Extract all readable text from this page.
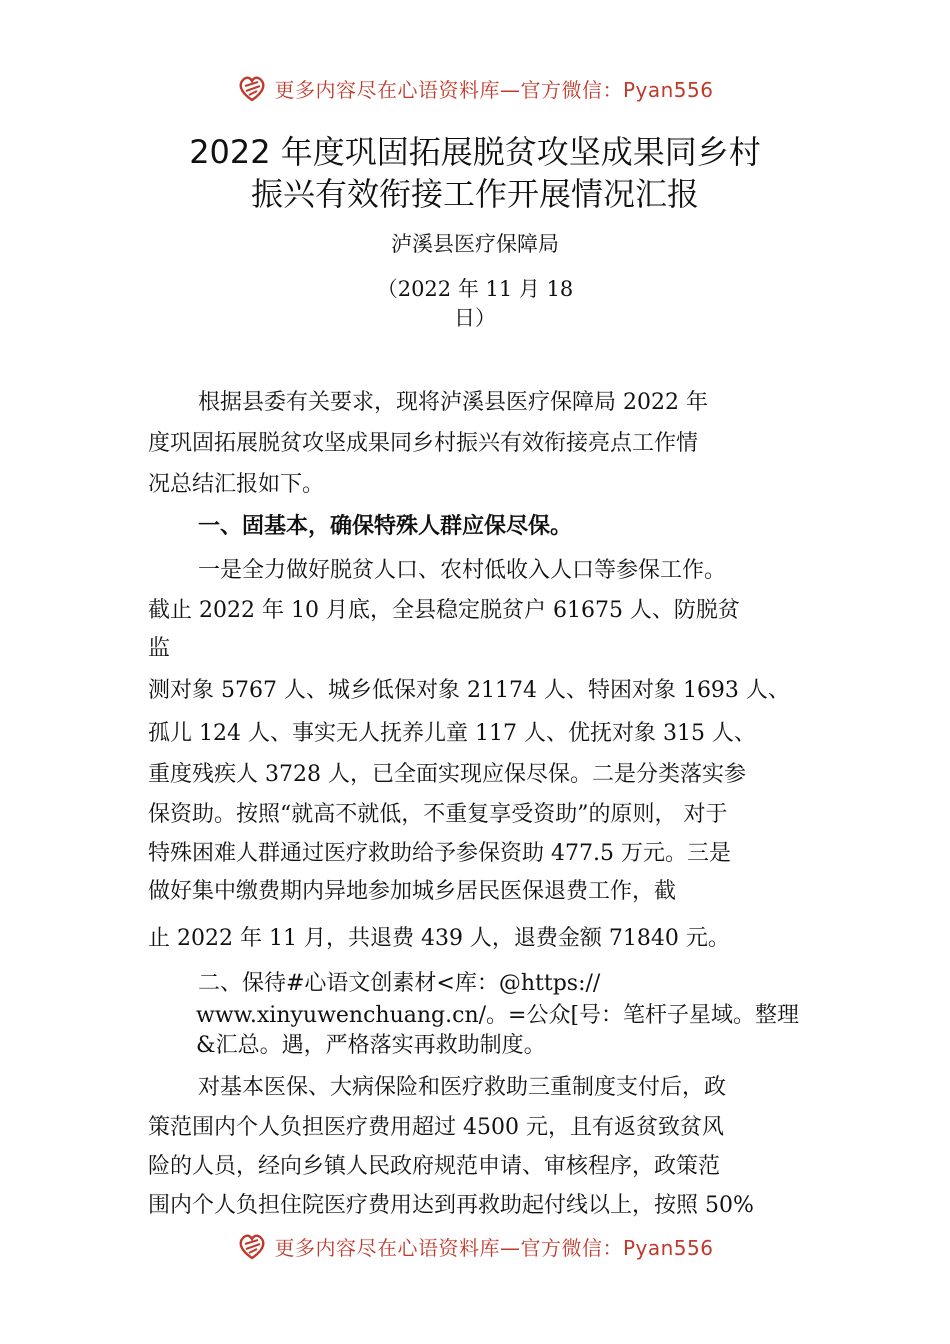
更多内容尽在心语资料库—官方微信：Pyan556
2022 年度巩固拓展脱贫攻坚成果同乡村
振兴有效衔接工作开展情况汇报
泸溪县医疗保障局
（2022 年 11 月 18
日）
根据县委有关要求，现将泸溪县医疗保障局 2022 年
度巩固拓展脱贫攻坚成果同乡村振兴有效衔接亮点工作情
况总结汇报如下。
一、固基本，确保特殊人群应保尽保。
一是全力做好脱贫人口、农村低收入人口等参保工作。
截止 2022 年 10 月底，全县稳定脱贫户 61675 人、防脱贫
监
测对象 5767 人、城乡低保对象 21174 人、特困对象 1693 人、
孤儿 124 人、事实无人抚养儿童 117 人、优抚对象 315 人、
重度残疾人 3728 人，已全面实现应保尽保。二是分类落实参
保资助。按照“就高不就低，不重复享受资助”的原则， 对于
特殊困难人群通过医疗救助给予参保资助 477.5 万元。三是
做好集中缴费期内异地参加城乡居民医保退费工作，截
止 2022 年 11 月，共退费 439 人，退费金额 71840 元。
二、保待#心语文创素材<库：@https://
www.xinyuwenchuang.cn/。=公众[号：笔杆子星域。整理
&汇总。遇，严格落实再救助制度。
对基本医保、大病保险和医疗救助三重制度支付后，政
策范围内个人负担医疗费用超过 4500 元，且有返贫致贫风
险的人员，经向乡镇人民政府规范申请、审核程序，政策范
围内个人负担住院医疗费用达到再救助起付线以上，按照 50%
更多内容尽在心语资料库—官方微信：Pyan556
